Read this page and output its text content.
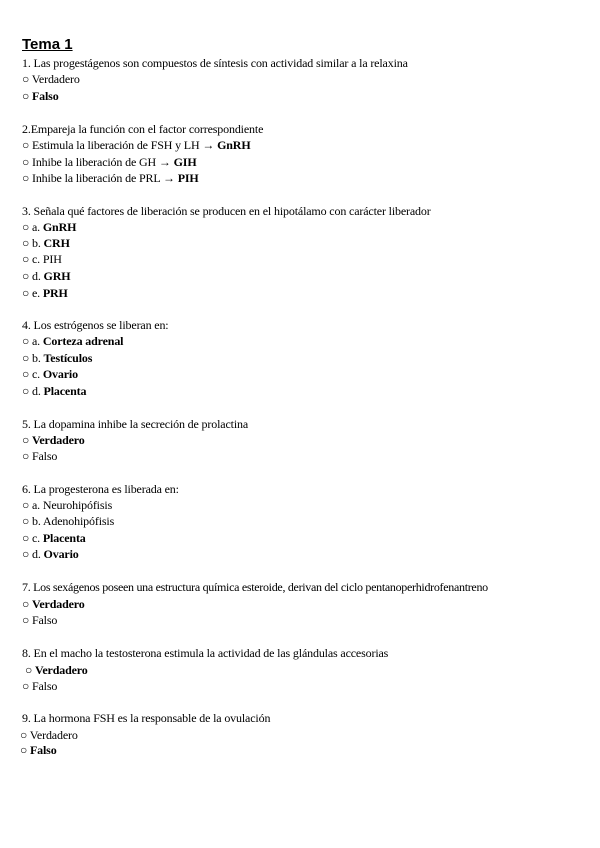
Tema 1
1. Las progestágenos son compuestos de síntesis con actividad similar a la relaxina
○ Verdadero
○ Falso
2.Empareja la función con el factor correspondiente
○ Estimula la liberación de FSH y LH → GnRH
○ Inhibe la liberación de GH → GIH
○ Inhibe la liberación de PRL → PIH
3. Señala qué factores de liberación se producen en el hipotálamo con carácter liberador
○ a. GnRH
○ b. CRH
○ c. PIH
○ d. GRH
○ e. PRH
4. Los estrógenos se liberan en:
○ a. Corteza adrenal
○ b. Testículos
○ c. Ovario
○ d. Placenta
5. La dopamina inhibe la secreción de prolactina
○ Verdadero
○ Falso
6. La progesterona es liberada en:
○ a. Neurohipófisis
○ b. Adenohipófisis
○ c. Placenta
○ d. Ovario
7. Los sexágenos poseen una estructura química esteroide, derivan del ciclo pentanoperhidrofenantreno
○ Verdadero
○ Falso
8. En el macho la testosterona estimula la actividad de las glándulas accesorias
○ Verdadero
○ Falso
9. La hormona FSH es la responsable de la ovulación
○ Verdadero
○ Falso
